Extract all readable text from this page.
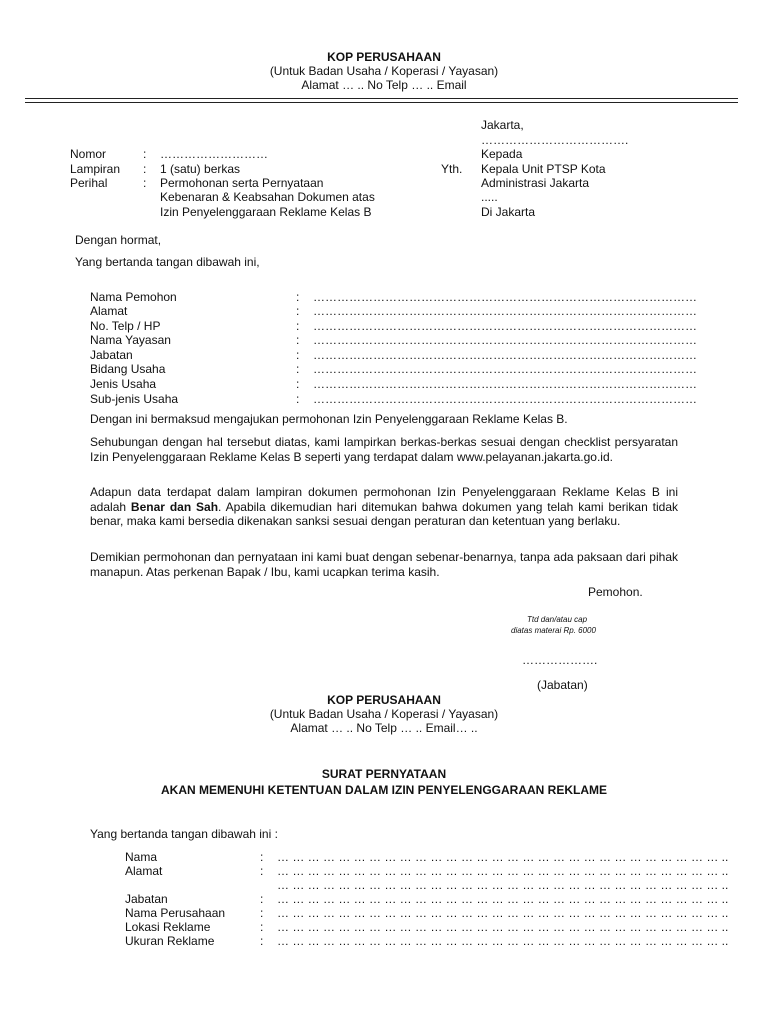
KOP PERUSAHAAN
(Untuk Badan Usaha / Koperasi / Yayasan)
Alamat … .. No Telp … .. Email
Jakarta,
……………………………….
Nomor	: ………………………
Lampiran : 1 (satu) berkas
Perihal	: Permohonan serta Pernyataan
Kebenaran & Keabsahan Dokumen atas
Izin Penyelenggaraan Reklame Kelas B
Kepada
Yth. Kepala Unit PTSP Kota
Administrasi Jakarta
.....
Di Jakarta
Dengan hormat,
Yang bertanda tangan dibawah ini,
Nama Pemohon	: ……………………………………………………………………………………
Alamat	: ……………………………………………………………………………………
No. Telp / HP	: ……………………………………………………………………………………
Nama Yayasan	: ……………………………………………………………………………………
Jabatan	: ……………………………………………………………………………………
Bidang Usaha	: ……………………………………………………………………………………
Jenis Usaha	: ……………………………………………………………………………………
Sub-jenis Usaha	: ……………………………………………………………………………………
Dengan ini bermaksud mengajukan permohonan Izin Penyelenggaraan Reklame Kelas B.
Sehubungan dengan hal tersebut diatas, kami lampirkan berkas-berkas sesuai dengan checklist persyaratan Izin Penyelenggaraan Reklame Kelas B seperti yang terdapat dalam www.pelayanan.jakarta.go.id.
Adapun data terdapat dalam lampiran dokumen permohonan Izin Penyelenggaraan Reklame Kelas B ini adalah Benar dan Sah. Apabila dikemudian hari ditemukan bahwa dokumen yang telah kami berikan tidak benar, maka kami bersedia dikenakan sanksi sesuai dengan peraturan dan ketentuan yang berlaku.
Demikian permohonan dan pernyataan ini kami buat dengan sebenar-benarnya, tanpa ada paksaan dari pihak manapun. Atas perkenan Bapak / Ibu, kami ucapkan terima kasih.
Pemohon.
Ttd dan/atau cap
diatas materai Rp. 6000
……………….
(Jabatan)
KOP PERUSAHAAN
(Untuk Badan Usaha / Koperasi / Yayasan)
Alamat … .. No Telp … .. Email… ..
SURAT PERNYATAAN
AKAN MEMENUHI KETENTUAN DALAM IZIN PENYELENGGARAAN REKLAME
Yang bertanda tangan dibawah ini :
Nama	: … … … … … … … … … … … … … … … … … … … … … … … … … … … … … ..
Alamat	: … … … … … … … … … … … … … … … … … … … … … … … … … … … … … ..
… … … … … … … … … … … … … … … … … … … … … … … … … … … … … ..
Jabatan	: … … … … … … … … … … … … … … … … … … … … … … … … … … … … … ..
Nama Perusahaan	: … … … … … … … … … … … … … … … … … … … … … … … … … … … … … ..
Lokasi Reklame	: … … … … … … … … … … … … … … … … … … … … … … … … … … … … … ..
Ukuran Reklame	: … … … … … … … … … … … … … … … … … … … … … … … … … … … … … ..
